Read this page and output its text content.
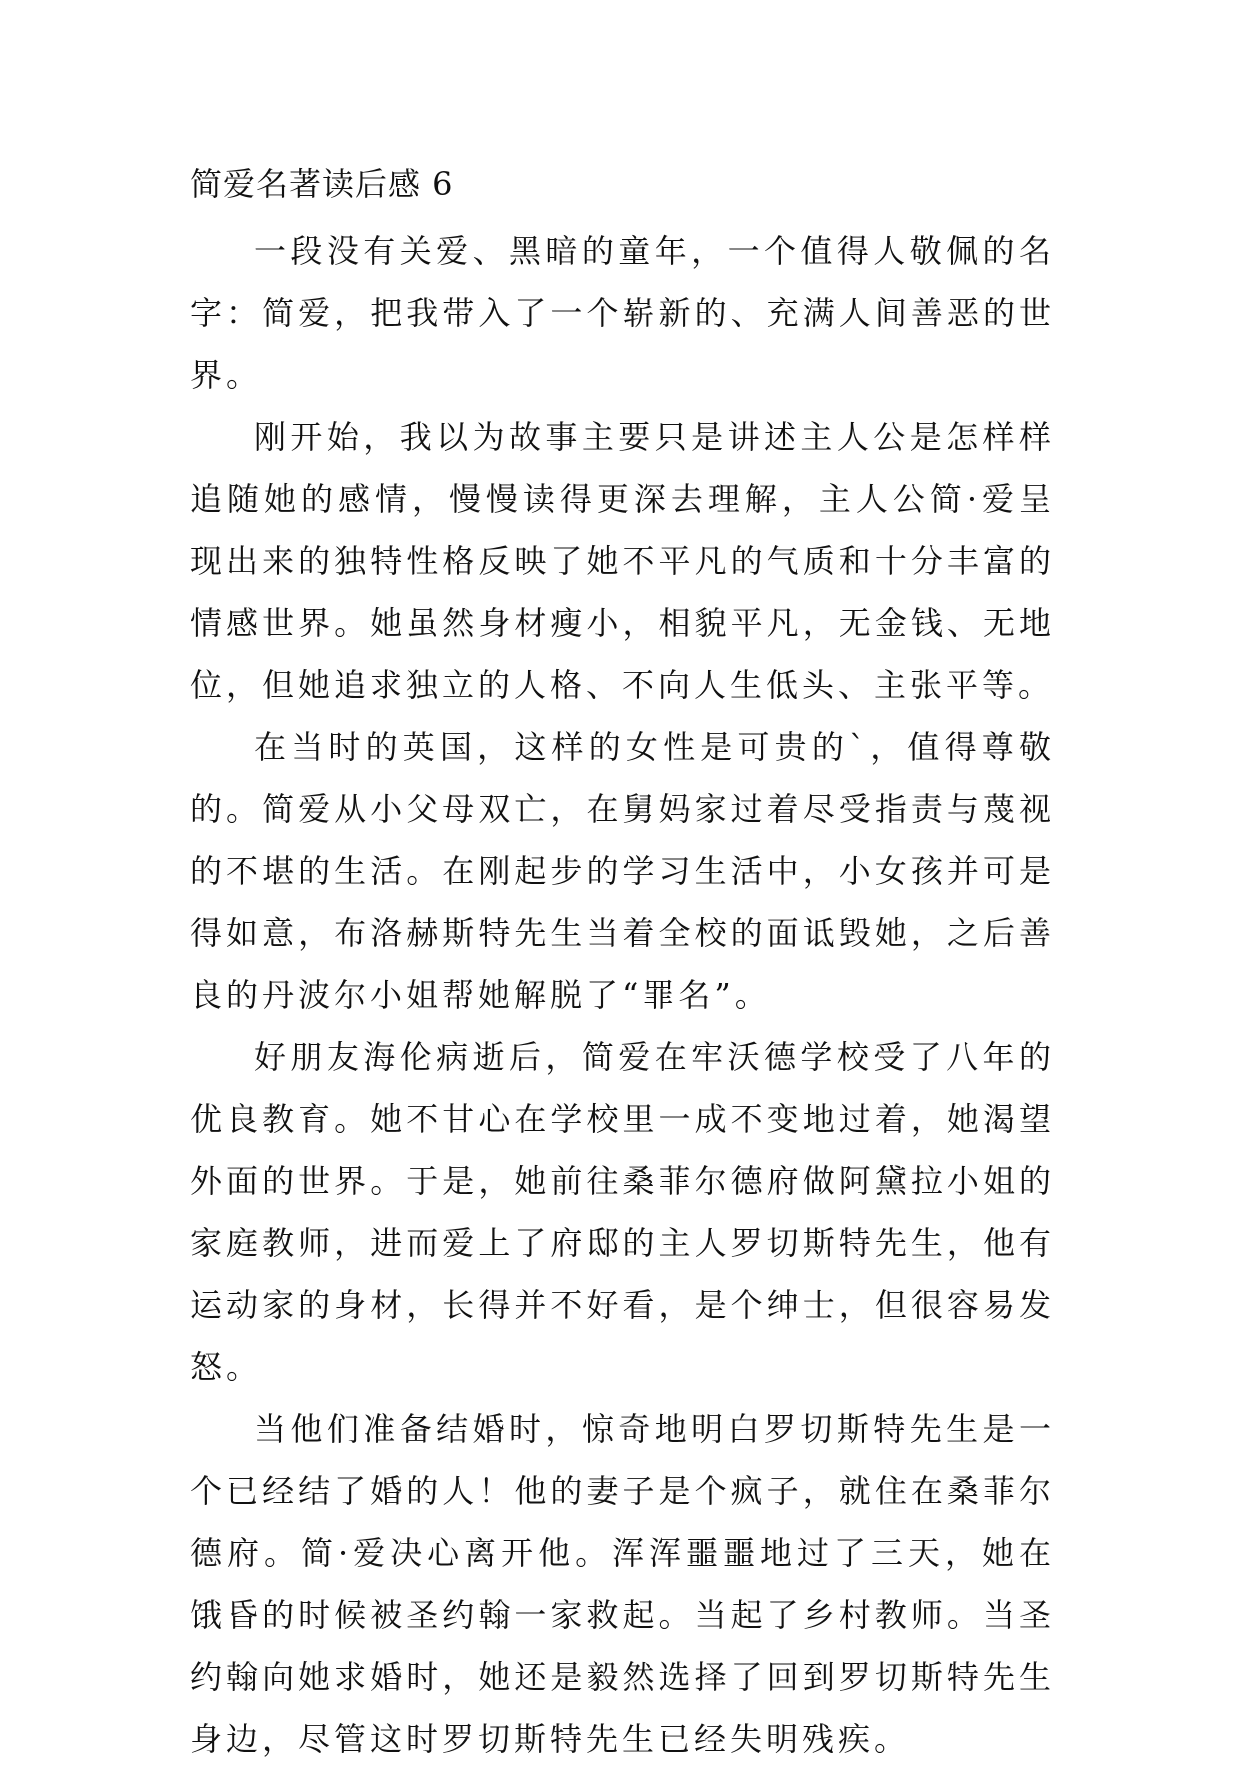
简爱名著读后感 6

一段没有关爱、黑暗的童年，一个值得人敬佩的名字：简爱，把我带入了一个崭新的、充满人间善恶的世界。

刚开始，我以为故事主要只是讲述主人公是怎样样追随她的感情，慢慢读得更深去理解，主人公简·爱呈现出来的独特性格反映了她不平凡的气质和十分丰富的情感世界。她虽然身材瘦小，相貌平凡，无金钱、无地位，但她追求独立的人格、不向人生低头、主张平等。

在当时的英国，这样的女性是可贵的`，值得尊敬的。简爱从小父母双亡，在舅妈家过着尽受指责与蔑视的不堪的生活。在刚起步的学习生活中，小女孩并可是得如意，布洛赫斯特先生当着全校的面诋毁她，之后善良的丹波尔小姐帮她解脱了“罪名”。

好朋友海伦病逝后，简爱在牢沃德学校受了八年的优良教育。她不甘心在学校里一成不变地过着，她渴望外面的世界。于是，她前往桑菲尔德府做阿黛拉小姐的家庭教师，进而爱上了府邸的主人罗切斯特先生，他有运动家的身材，长得并不好看，是个绅士，但很容易发怒。

当他们准备结婚时，惊奇地明白罗切斯特先生是一个已经结了婚的人！他的妻子是个疯子，就住在桑菲尔德府。简·爱决心离开他。浑浑噩噩地过了三天，她在饿昏的时候被圣约翰一家救起。当起了乡村教师。当圣约翰向她求婚时，她还是毅然选择了回到罗切斯特先生身边，尽管这时罗切斯特先生已经失明残疾。
